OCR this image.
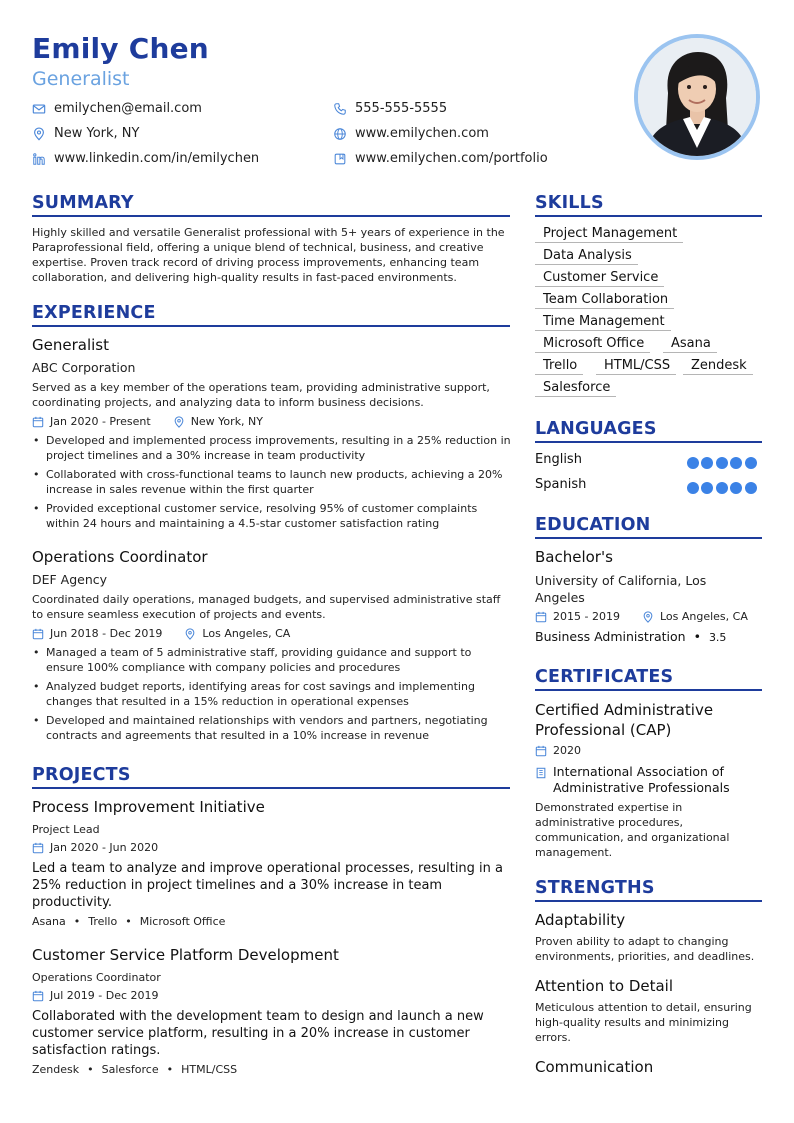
Emily Chen
Generalist
emilychen@email.com	555-555-5555
New York, NY	www.emilychen.com
www.linkedin.com/in/emilychen	www.emilychen.com/portfolio
SUMMARY
Highly skilled and versatile Generalist professional with 5+ years of experience in the Paraprofessional field, offering a unique blend of technical, business, and creative expertise. Proven track record of driving process improvements, enhancing team collaboration, and delivering high-quality results in fast-paced environments.
EXPERIENCE
Generalist
ABC Corporation
Served as a key member of the operations team, providing administrative support, coordinating projects, and analyzing data to inform business decisions.
Jan 2020 - Present	New York, NY
• Developed and implemented process improvements, resulting in a 25% reduction in project timelines and a 30% increase in team productivity
• Collaborated with cross-functional teams to launch new products, achieving a 20% increase in sales revenue within the first quarter
• Provided exceptional customer service, resolving 95% of customer complaints within 24 hours and maintaining a 4.5-star customer satisfaction rating
Operations Coordinator
DEF Agency
Coordinated daily operations, managed budgets, and supervised administrative staff to ensure seamless execution of projects and events.
Jun 2018 - Dec 2019	Los Angeles, CA
• Managed a team of 5 administrative staff, providing guidance and support to ensure 100% compliance with company policies and procedures
• Analyzed budget reports, identifying areas for cost savings and implementing changes that resulted in a 15% reduction in operational expenses
• Developed and maintained relationships with vendors and partners, negotiating contracts and agreements that resulted in a 10% increase in revenue
PROJECTS
Process Improvement Initiative
Project Lead
Jan 2020 - Jun 2020
Led a team to analyze and improve operational processes, resulting in a 25% reduction in project timelines and a 30% increase in team productivity.
Asana • Trello • Microsoft Office
Customer Service Platform Development
Operations Coordinator
Jul 2019 - Dec 2019
Collaborated with the development team to design and launch a new customer service platform, resulting in a 20% increase in customer satisfaction ratings.
Zendesk • Salesforce • HTML/CSS
SKILLS
Project Management
Data Analysis
Customer Service
Team Collaboration
Time Management
Microsoft Office	Asana
Trello	HTML/CSS	Zendesk
Salesforce
LANGUAGES
English
Spanish
EDUCATION
Bachelor's
University of California, Los Angeles
2015 - 2019	Los Angeles, CA
Business Administration • 3.5
CERTIFICATES
Certified Administrative Professional (CAP)
2020
International Association of Administrative Professionals
Demonstrated expertise in administrative procedures, communication, and organizational management.
STRENGTHS
Adaptability
Proven ability to adapt to changing environments, priorities, and deadlines.
Attention to Detail
Meticulous attention to detail, ensuring high-quality results and minimizing errors.
Communication
